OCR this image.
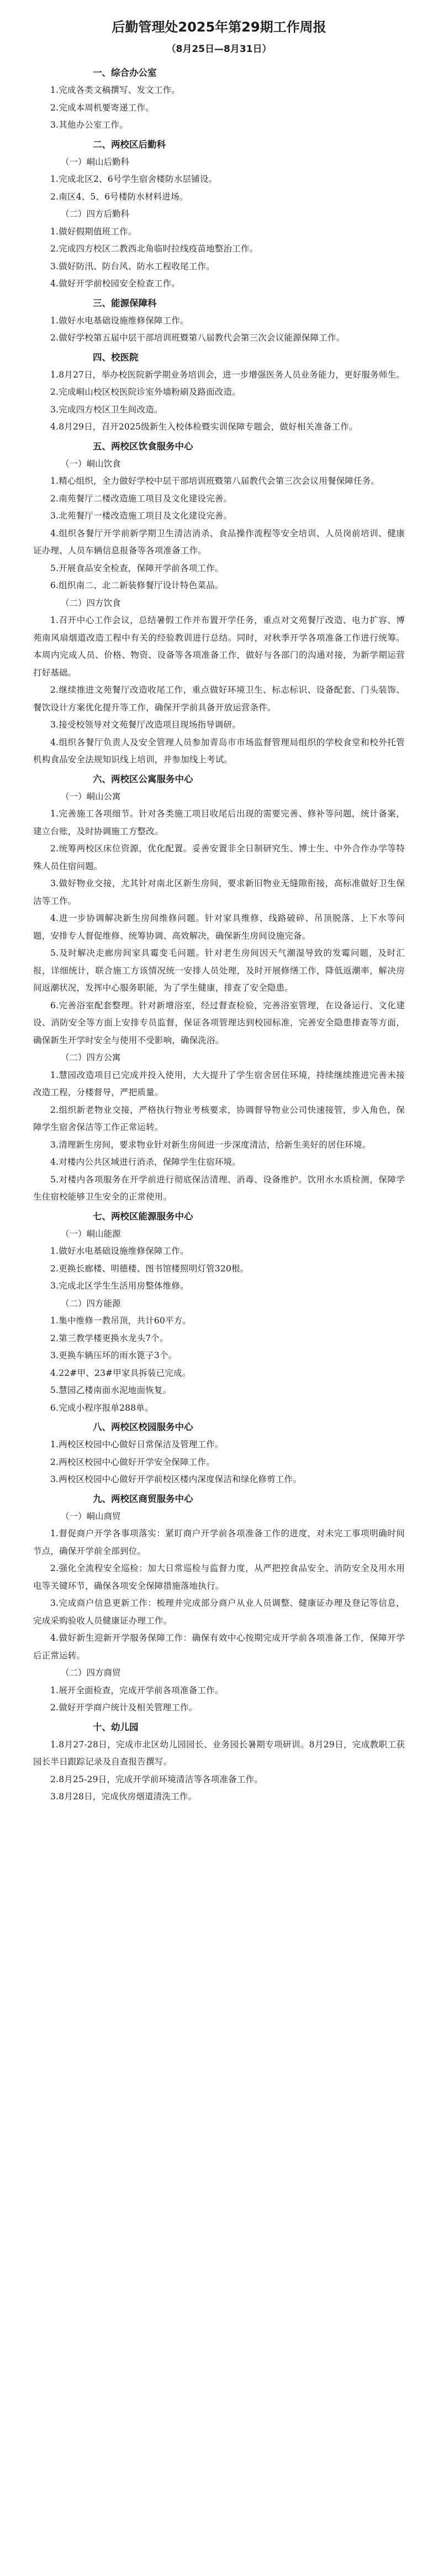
后勤管理处2025年第29期工作周报
（8月25日—8月31日）
一、综合办公室
1.完成各类文稿撰写、发文工作。
2.完成本周机要寄递工作。
3.其他办公室工作。
二、两校区后勤科
（一）峒山后勤科
1.完成北区2、6号学生宿舍楼防水层铺设。
2.南区4、5、6号楼防水材料进场。
（二）四方后勤科
1.做好假期值班工作。
2.完成四方校区二教西北角临时拉线疫苗地整治工作。
3.做好防汛、防台风、防水工程收尾工作。
4.做好开学前校园安全检查工作。
三、能源保障科
1.做好水电基础设施维修保障工作。
2.做好学校第五届中层干部培训班暨第八届教代会第三次会议能源保障工作。
四、校医院
1.8月27日，举办校医院新学期业务培训会，进一步增强医务人员业务能力，更好服务师生。
2.完成峒山校区校医院诊室外墙粉刷及路面改造。
3.完成四方校区卫生间改造。
4.8月29日，召开2025级新生入校体检暨实训保障专题会，做好相关准备工作。
五、两校区饮食服务中心
（一）峒山饮食
1.精心组织，全力做好学校中层干部培训班暨第八届教代会第三次会议用餐保障任务。
2.南苑餐厅二楼改造施工项目及文化建设完善。
3.北苑餐厅一楼改造施工项目及文化建设完善。
4.组织各餐厅开学前新学期卫生清洁消杀、食品操作流程等安全培训、人员岗前培训、健康证办理、人员车辆信息报备等各项准备工作。
5.开展食品安全检查，保障开学前各项工作。
6.组织南二、北二新装修餐厅设计特色菜品。
（二）四方饮食
1.召开中心工作会议，总结暑假工作并布置开学任务，重点对文苑餐厅改造、电力扩容、博苑南风扇烟道改造工程中有关的经验教训进行总结。同时，对秋季开学各项准备工作进行统筹。本周内完成人员、价格、物资、设备等各项准备工作，做好与各部门的沟通对接，为新学期运营打好基础。
2.继续推进文苑餐厅改造收尾工作，重点做好环境卫生、标志标识、设备配套、门头装饰、餐饮设计方案优化提升等工作，确保开学前具备开放运营条件。
3.接受校领导对文苑餐厅改造项目现场指导调研。
4.组织各餐厅负责人及安全管理人员参加青岛市市场监督管理局组织的学校食堂和校外托管机构食品安全法规知识线上培训，并参加线上考试。
六、两校区公寓服务中心
（一）峒山公寓
1.完善施工各项细节。针对各类施工项目收尾后出现的需要完善、修补等问题，统计备案，建立台账，及时协调施工方整改。
2.统筹两校区床位资源，优化配置。妥善安置非全日制研究生、博士生、中外合作办学等特殊人员住宿问题。
3.做好物业交接，尤其针对南北区新生房间，要求新旧物业无缝隙衔接，高标准做好卫生保洁等工作。
4.进一步协调解决新生房间维修问题。针对家具维修、线路破碎、吊顶脱落、上下水等问题，安排专人督促维修、统筹协调、高效解决，确保新生房间设施完备。
5.及时解决走廊房间家具霉变毛问题。针对老生房间因天气潮湿导致的发霉问题，及时汇报，详细统计，联合施工方该情况统一安排人员处理，及时开展修缮工作，降低返潮率，解决房间返潮状况，发挥中心服务职能，为了学生健康，排查了安全隐患。
6.完善浴室配套整理。针对新增浴室，经过督查检验，完善浴室管理，在设备运行、文化建设、消防安全等方面上安排专员监督，保证各项管理达到校园标准，完善安全隐患排查等方面，确保新生开学时安全与使用不受影响，确保洗浴。
（二）四方公寓
1.慧园改造项目已完成并投入使用，大大提升了学生宿舍居住环境，持续继续推进完善未接改造工程，分楼督导，严把质量。
2.组织新老物业交接，严格执行物业考核要求，协调督导物业公司快速接管，步入角色，保障学生宿舍保洁等工作正常运转。
3.清理新生房间，要求物业针对新生房间进一步深度清洁，给新生美好的居住环境。
4.对楼内公共区域进行消杀，保障学生住宿环境。
5.对楼内各项服务在开学前进行彻底保洁清理、消毒、设备维护。饮用水水质检测，保障学生住宿校能够卫生安全的正常使用。
七、两校区能源服务中心
（一）峒山能源
1.做好水电基础设施维修保障工作。
2.更换长廊楼、明德楼、图书馆楼照明灯管320根。
3.完成北区学生生活用房整体维修。
（二）四方能源
1.集中维修一教吊顶，共计60平方。
2.第三教学楼更换水龙头7个。
3.更换车辆压坏的雨水篦子3个。
4.22#甲、23#甲家具拆装已完成。
5.慧园乙楼南面水泥地面恢复。
6.完成小程序报单288单。
八、两校区校园服务中心
1.两校区校园中心做好日常保洁及管理工作。
2.两校区校园中心做好开学安全保障工作。
3.两校区校园中心做好开学前校区楼内深度保洁和绿化修剪工作。
九、两校区商贸服务中心
（一）峒山商贸
1.督促商户开学各事项落实：紧盯商户开学前各项准备工作的进度，对未完工事项明确时间节点，确保开学前全部到位。
2.强化全流程安全巡检：加大日常巡检与监督力度，从严把控食品安全、消防安全及用水用电等关键环节，确保各项安全保障措施落地执行。
3.完成商户信息更新工作：梳理并完成部分商户从业人员调整、健康证办理及登记等信息，完成采购验收人员健康证办理工作。
4.做好新生迎新开学服务保障工作：确保有效中心按期完成开学前各项准备工作，保障开学后正常运转。
（二）四方商贸
1.展开全面检查，完成开学前各项准备工作。
2.做好开学商户统计及相关管理工作。
十、幼儿园
1.8月27-28日，完成市北区幼儿园园长、业务园长暑期专项研训。8月29日，完成教职工获园长半日跟踪记录及自查报告撰写。
2.8月25-29日，完成开学前环境清洁等各项准备工作。
3.8月28日，完成伙房烟道清洗工作。
